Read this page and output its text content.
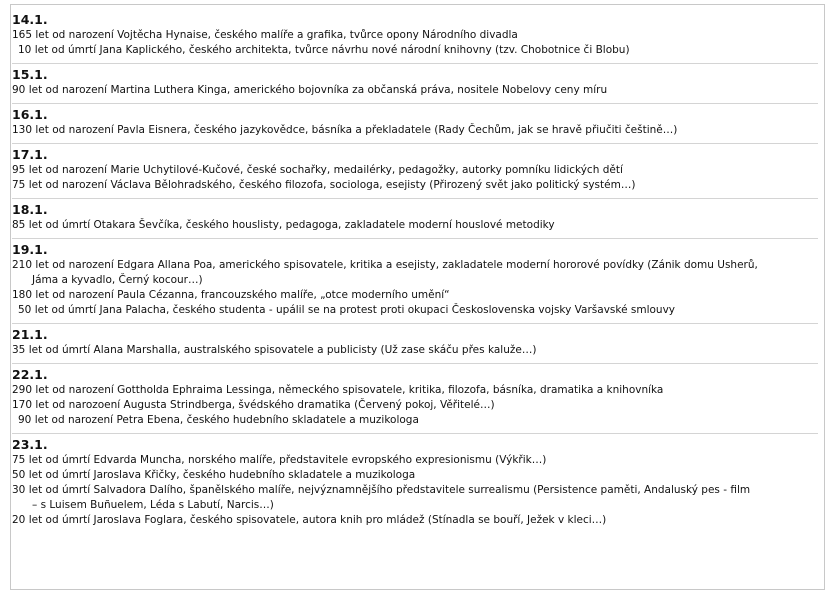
14.1.
165 let od narození Vojtěcha Hynaise, českého malíře a grafika, tvůrce opony Národního divadla
10 let od úmrtí Jana Kaplického, českého architekta, tvůrce návrhu nové národní knihovny (tzv. Chobotnice či Blobu)
15.1.
90 let od narození Martina Luthera Kinga, amerického bojovníka za občanská práva, nositele Nobelovy ceny míru
16.1.
130 let od narození Pavla Eisnera, českého jazykovědce, básníka a překladatele (Rady Čechům, jak se hravě přiučiti češtině…)
17.1.
95 let od narození Marie Uchytilové-Kučové, české sochařky, medailérky, pedagožky, autorky pomníku lidických dětí
75 let od narození Václava Bělohradského, českého filozofa, sociologa, esejisty (Přirozený svět jako politický systém…)
18.1.
85 let od úmrtí Otakara Ševčíka, českého houslisty, pedagoga, zakladatele moderní houslové metodiky
19.1.
210 let od narození Edgara Allana Poa, amerického spisovatele, kritika a esejisty, zakladatele moderní hororové povídky (Zánik domu Usherů,
Jáma a kyvadlo, Černý kocour…)
180 let od narození Paula Cézanna, francouzského malíře, „otce moderního umění“
50 let od úmrtí Jana Palacha, českého studenta - upálil se na protest proti okupaci Československa vojsky Varšavské smlouvy
21.1.
35 let od úmrtí Alana Marshalla, australského spisovatele a publicisty (Už zase skáču přes kaluže…)
22.1.
290 let od narození Gottholda Ephraima Lessinga, německého spisovatele, kritika, filozofa, básníka, dramatika a knihovníka
170 let od narozoení Augusta Strindberga, švédského dramatika (Červený pokoj, Věřitelé…)
90 let od narození Petra Ebena, českého hudebního skladatele a muzikologa
23.1.
75 let od úmrtí Edvarda Muncha, norského malíře, představitele evropského expresionismu (Výkřik…)
50 let od úmrtí Jaroslava Křičky, českého hudebního skladatele a muzikologa
30 let od úmrtí Salvadora Dalího, španělského malíře, nejvýznamnějšího představitele surrealismu (Persistence paměti, Andaluský pes - film
– s Luisem Buñuelem, Léda s Labutí, Narcis…)
20 let od úmrtí Jaroslava Foglara, českého spisovatele, autora knih pro mládež (Stínadla se bouří, Ježek v kleci…)
